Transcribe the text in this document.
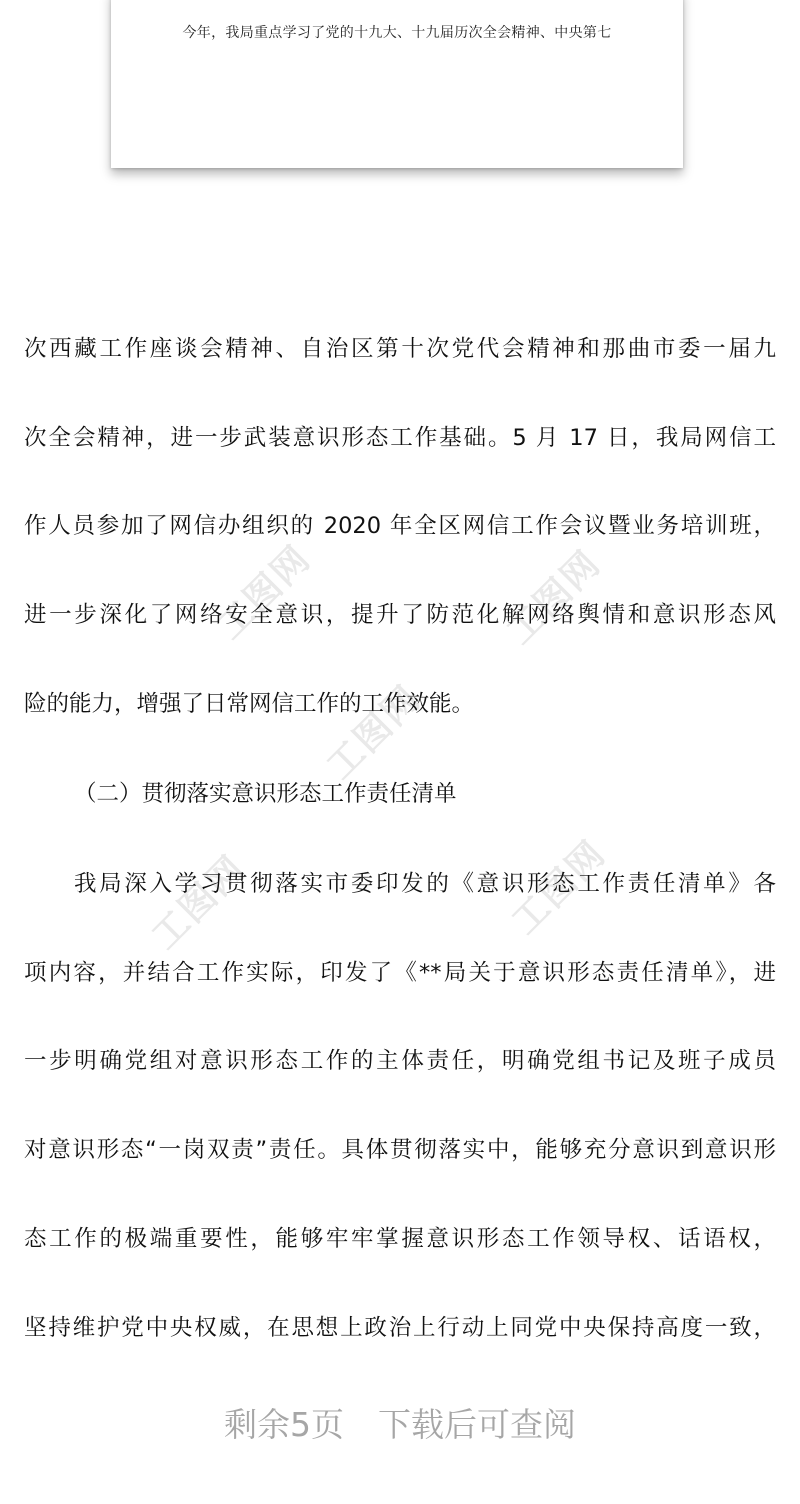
今年，我局重点学习了党的十九大、十九届历次全会精神、中央第七
工图网	工图网
工图网
工图网	工图网
次西藏工作座谈会精神、自治区第十次党代会精神和那曲市委一届九
次全会精神，进一步武装意识形态工作基础。5 月 17 日，我局网信工
作人员参加了网信办组织的 2020 年全区网信工作会议暨业务培训班，
进一步深化了网络安全意识，提升了防范化解网络舆情和意识形态风
险的能力，增强了日常网信工作的工作效能。
我局深入学习贯彻落实市委印发的《意识形态工作责任清单》各
项内容，并结合工作实际，印发了《**局关于意识形态责任清单》，进
一步明确党组对意识形态工作的主体责任，明确党组书记及班子成员
对意识形态“一岗双责”责任。具体贯彻落实中，能够充分意识到意识形
态工作的极端重要性，能够牢牢掌握意识形态工作领导权、话语权，
坚持维护党中央权威，在思想上政治上行动上同党中央保持高度一致，
（二）贯彻落实意识形态工作责任清单
剩余5页 下载后可查阅
